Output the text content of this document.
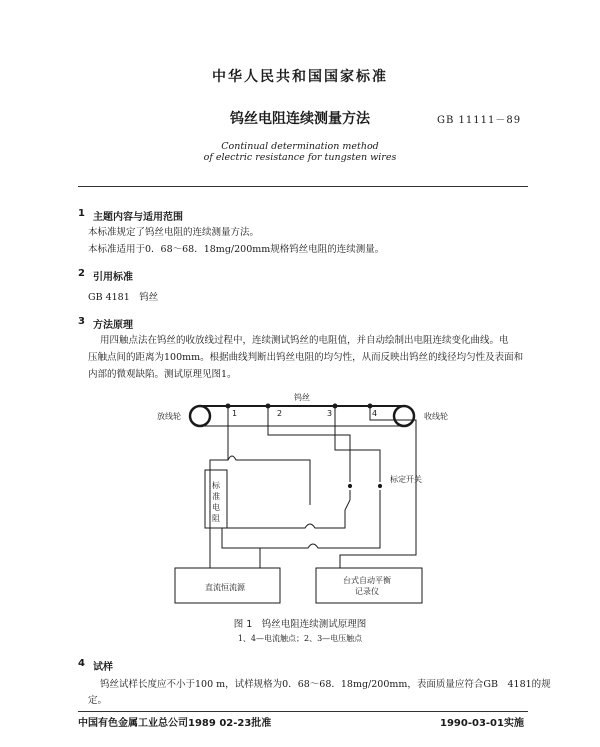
中华人民共和国国家标准
钨丝电阻连续测量方法	GB 11111－89
Continual determination method
of electric resistance for tungsten wires
1 主题内容与适用范围
本标准规定了钨丝电阻的连续测量方法。
本标准适用于0．68～68．18mg/200mm规格钨丝电阻的连续测量。
2 引用标准
GB 4181　钨丝
3 方法原理
用四触点法在钨丝的收放线过程中，连续测试钨丝的电阻值，并自动绘制出电阻连续变化曲线。电
压触点间的距离为100mm。根据曲线判断出钨丝电阻的均匀性，从而反映出钨丝的线径均匀性及表面和
内部的微观缺陷。测试原理见图1。
钨丝
放线轮	收线轮
1	2	3	4
标定开关
标
准
电
阻
直流恒流源
台式自动平衡
记录仪
图 1　钨丝电阻连续测试原理图
1、4—电流触点；2、3—电压触点
4 试样
钨丝试样长度应不小于100 m，试样规格为0．68～68．18mg/200mm，表面质量应符合GB　4181的规
定。
中国有色金属工业总公司1989 02-23批准	1990-03-01实施
